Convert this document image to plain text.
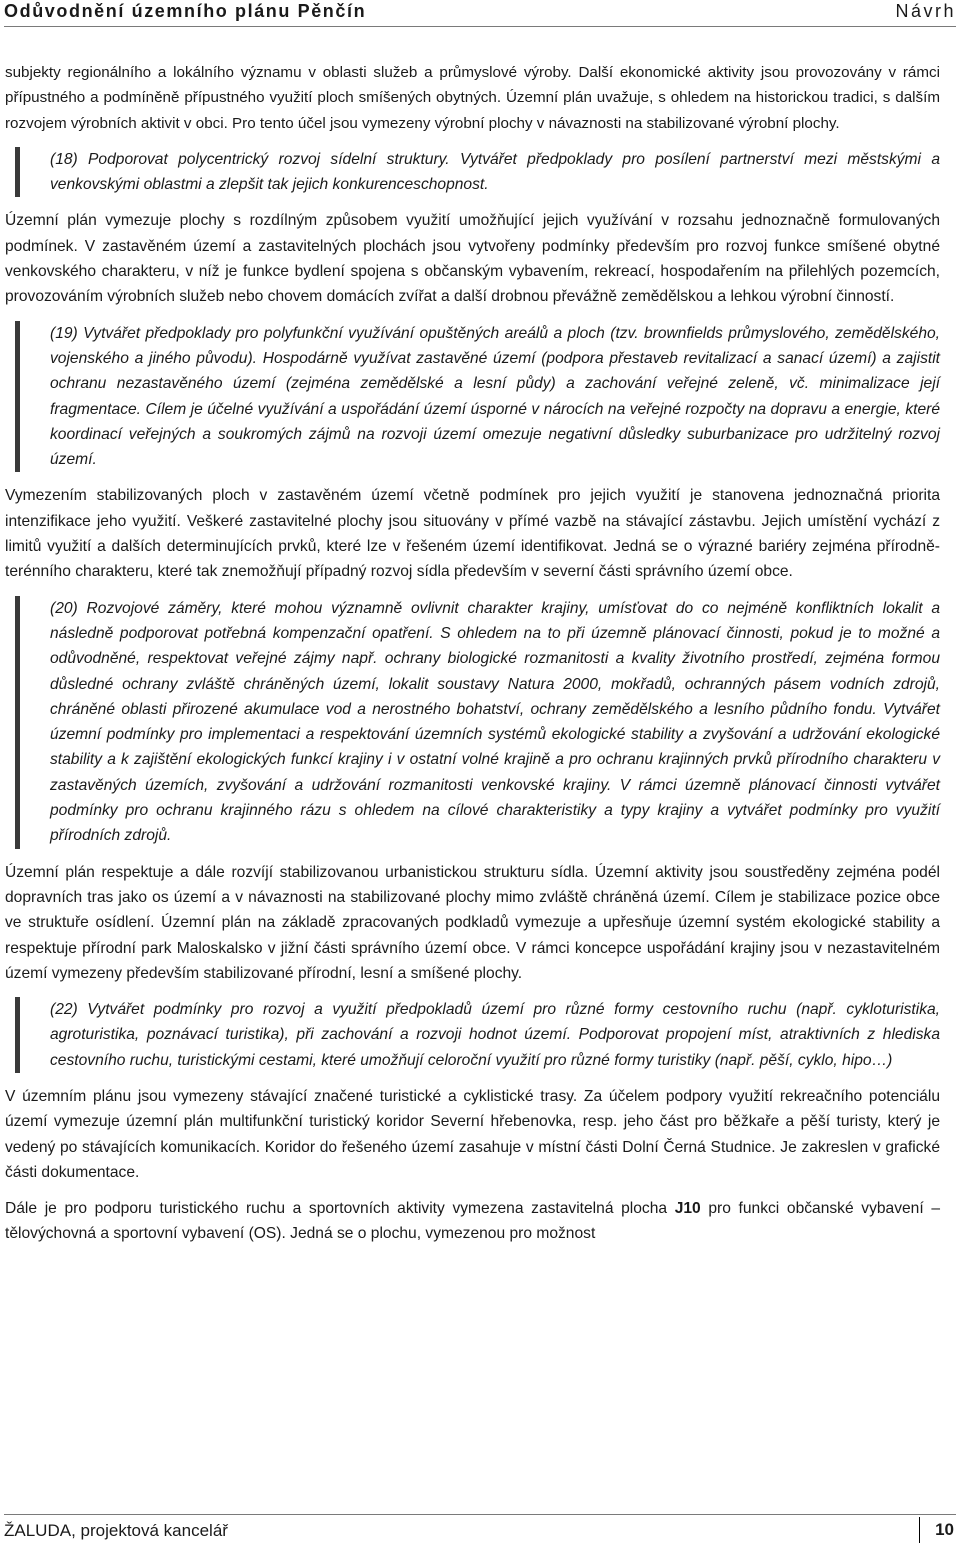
Odůvodnění územního plánu Pěnčín	Návrh

subjekty regionálního a lokálního významu v oblasti služeb a průmyslové výroby. Další ekonomické aktivity jsou provozovány v rámci přípustného a podmíněně přípustného využití ploch smíšených obytných. Územní plán uvažuje, s ohledem na historickou tradici, s dalším rozvojem výrobních aktivit v obci. Pro tento účel jsou vymezeny výrobní plochy v návaznosti na stabilizované výrobní plochy.

(18) Podporovat polycentrický rozvoj sídelní struktury. Vytvářet předpoklady pro posílení partnerství mezi městskými a venkovskými oblastmi a zlepšit tak jejich konkurenceschopnost.

Územní plán vymezuje plochy s rozdílným způsobem využití umožňující jejich využívání v rozsahu jednoznačně formulovaných podmínek. V zastavěném území a zastavitelných plochách jsou vytvořeny podmínky především pro rozvoj funkce smíšené obytné venkovského charakteru, v níž je funkce bydlení spojena s občanským vybavením, rekreací, hospodařením na přilehlých pozemcích, provozováním výrobních služeb nebo chovem domácích zvířat a další drobnou převážně zemědělskou a lehkou výrobní činností.

(19) Vytvářet předpoklady pro polyfunkční využívání opuštěných areálů a ploch (tzv. brownfields průmyslového, zemědělského, vojenského a jiného původu). Hospodárně využívat zastavěné území (podpora přestaveb revitalizací a sanací území) a zajistit ochranu nezastavěného území (zejména zemědělské a lesní půdy) a zachování veřejné zeleně, vč. minimalizace její fragmentace. Cílem je účelné využívání a uspořádání území úsporné v nárocích na veřejné rozpočty na dopravu a energie, které koordinací veřejných a soukromých zájmů na rozvoji území omezuje negativní důsledky suburbanizace pro udržitelný rozvoj území.

Vymezením stabilizovaných ploch v zastavěném území včetně podmínek pro jejich využití je stanovena jednoznačná priorita intenzifikace jeho využití. Veškeré zastavitelné plochy jsou situovány v přímé vazbě na stávající zástavbu. Jejich umístění vychází z limitů využití a dalších determinujících prvků, které lze v řešeném území identifikovat. Jedná se o výrazné bariéry zejména přírodně-terénního charakteru, které tak znemožňují případný rozvoj sídla především v severní části správního území obce.

(20) Rozvojové záměry, které mohou významně ovlivnit charakter krajiny, umísťovat do co nejméně konfliktních lokalit a následně podporovat potřebná kompenzační opatření. S ohledem na to při územně plánovací činnosti, pokud je to možné a odůvodněné, respektovat veřejné zájmy např. ochrany biologické rozmanitosti a kvality životního prostředí, zejména formou důsledné ochrany zvláště chráněných území, lokalit soustavy Natura 2000, mokřadů, ochranných pásem vodních zdrojů, chráněné oblasti přirozené akumulace vod a nerostného bohatství, ochrany zemědělského a lesního půdního fondu. Vytvářet územní podmínky pro implementaci a respektování územních systémů ekologické stability a zvyšování a udržování ekologické stability a k zajištění ekologických funkcí krajiny i v ostatní volné krajině a pro ochranu krajinných prvků přírodního charakteru v zastavěných územích, zvyšování a udržování rozmanitosti venkovské krajiny. V rámci územně plánovací činnosti vytvářet podmínky pro ochranu krajinného rázu s ohledem na cílové charakteristiky a typy krajiny a vytvářet podmínky pro využití přírodních zdrojů.

Územní plán respektuje a dále rozvíjí stabilizovanou urbanistickou strukturu sídla. Územní aktivity jsou soustředěny zejména podél dopravních tras jako os území a v návaznosti na stabilizované plochy mimo zvláště chráněná území. Cílem je stabilizace pozice obce ve struktuře osídlení. Územní plán na základě zpracovaných podkladů vymezuje a upřesňuje územní systém ekologické stability a respektuje přírodní park Maloskalsko v jižní části správního území obce. V rámci koncepce uspořádání krajiny jsou v nezastavitelném území vymezeny především stabilizované přírodní, lesní a smíšené plochy.

(22) Vytvářet podmínky pro rozvoj a využití předpokladů území pro různé formy cestovního ruchu (např. cykloturistika, agroturistika, poznávací turistika), při zachování a rozvoji hodnot území. Podporovat propojení míst, atraktivních z hlediska cestovního ruchu, turistickými cestami, které umožňují celoroční využití pro různé formy turistiky (např. pěší, cyklo, hipo…)

V územním plánu jsou vymezeny stávající značené turistické a cyklistické trasy. Za účelem podpory využití rekreačního potenciálu území vymezuje územní plán multifunkční turistický koridor Severní hřebenovka, resp. jeho část pro běžkaře a pěší turisty, který je vedený po stávajících komunikacích. Koridor do řešeného území zasahuje v místní části Dolní Černá Studnice. Je zakreslen v grafické části dokumentace.

Dále je pro podporu turistického ruchu a sportovních aktivity vymezena zastavitelná plocha J10 pro funkci občanské vybavení – tělovýchovná a sportovní vybavení (OS). Jedná se o plochu, vymezenou pro možnost

ŽALUDA, projektová kancelář	10
